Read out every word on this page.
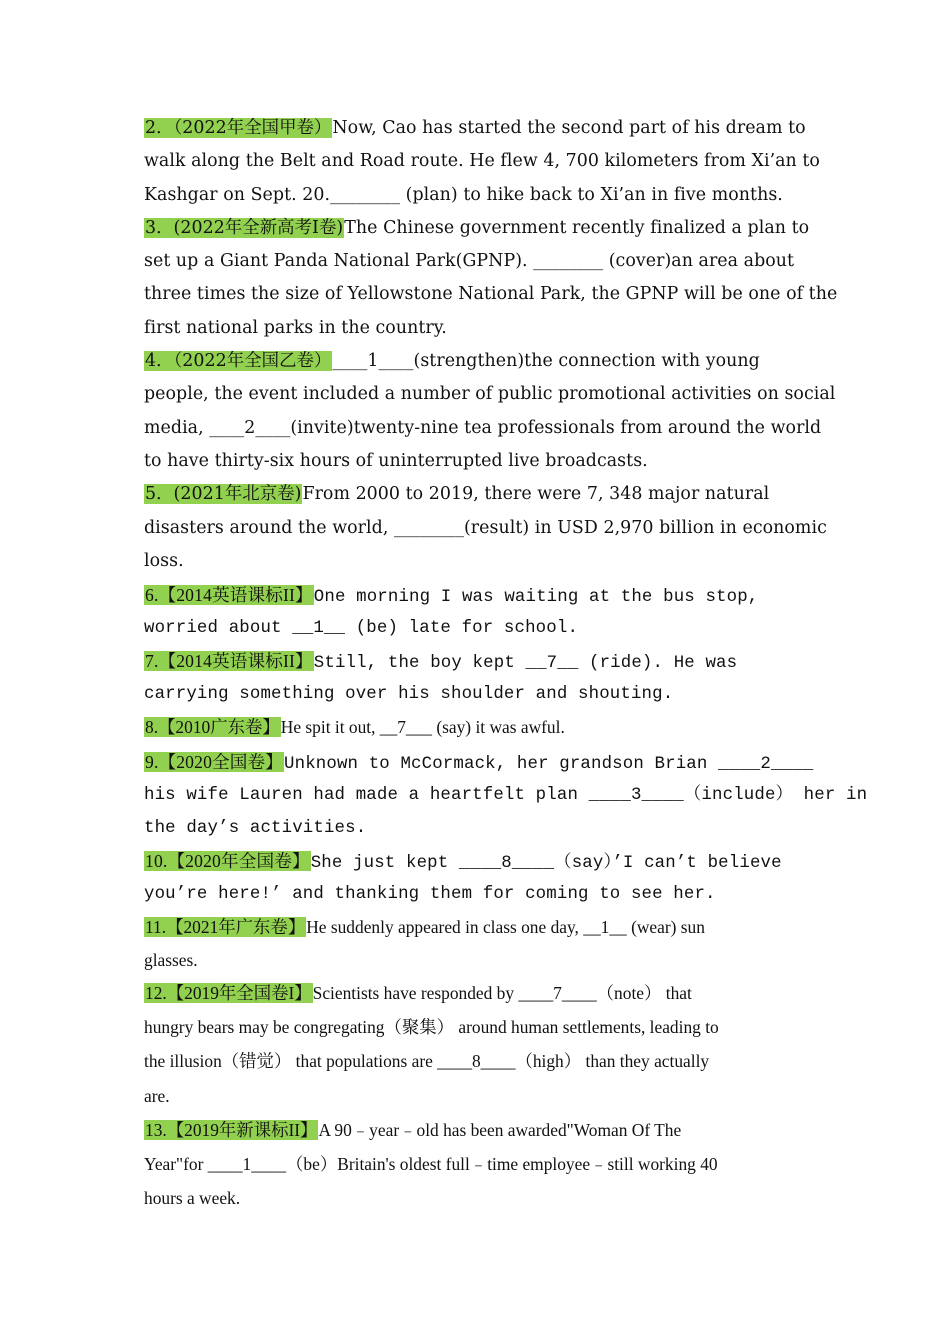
2．（2022年全国甲卷）Now, Cao has started the second part of his dream to
walk along the Belt and Road route. He flew 4, 700 kilometers from Xi’an to
Kashgar on Sept. 20.________ (plan) to hike back to Xi’an in five months.
3．(2022年全新高考I卷)The Chinese government recently finalized a plan to
set up a Giant Panda National Park(GPNP). ________ (cover)an area about
three times the size of Yellowstone National Park, the GPNP will be one of the
first national parks in the country.
4．（2022年全国乙卷）____1____(strengthen)the connection with young
people, the event included a number of public promotional activities on social
media, ____2____(invite)twenty-nine tea professionals from around the world
to have thirty-six hours of uninterrupted live broadcasts.
5．(2021年北京卷)From 2000 to 2019, there were 7, 348 major natural
disasters around the world, ________(result) in USD 2,970 billion in economic
loss.
6.【2014英语课标II】One morning I was waiting at the bus stop,
worried about __1__ (be) late for school.
7.【2014英语课标II】Still, the boy kept __7__ (ride). He was
carrying something over his shoulder and shouting.
8.【2010广东卷】He spit it out, __7___ (say) it was awful.
9.【2020全国卷】Unknown to McCormack, her grandson Brian ____2____
his wife Lauren had made a heartfelt plan ____3____（include） her in
the day’s activities.
10.【2020年全国卷】She just kept ____8____（say）’I can’t believe
you’re here!’ and thanking them for coming to see her.
11.【2021年广东卷】He suddenly appeared in class one day, __1__ (wear) sun
glasses.
12.【2019年全国卷I】Scientists have responded by ____7____（note） that
hungry bears may be congregating（聚集） around human settlements, leading to
the illusion（错觉） that populations are ____8____（high） than they actually
are.
13.【2019年新课标II】A 90﹣year﹣old has been awarded"Woman Of The
Year"for ____1____（be）Britain's oldest full﹣time employee﹣still working 40
hours a week.
